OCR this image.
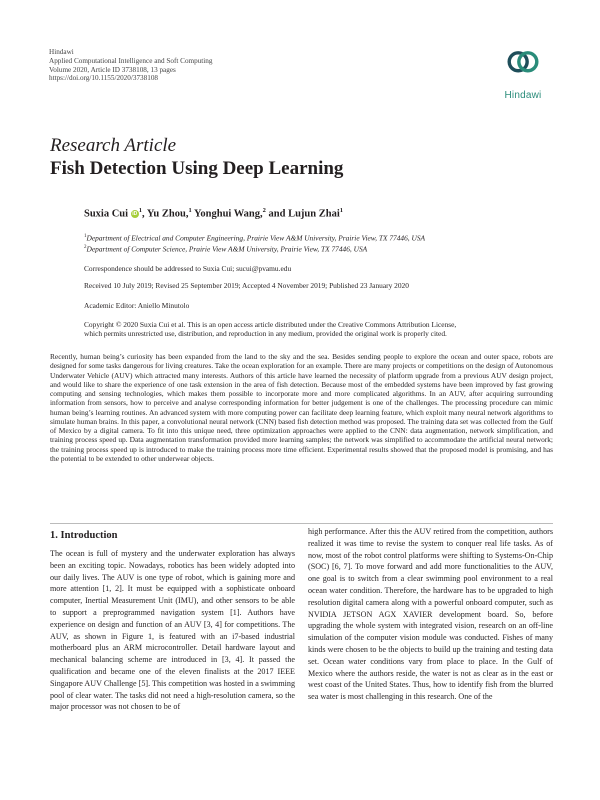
Hindawi
Applied Computational Intelligence and Soft Computing
Volume 2020, Article ID 3738108, 13 pages
https://doi.org/10.1155/2020/3738108
Hindawi
Research Article
Fish Detection Using Deep Learning
Suxia Cui $iD^1$, Yu Zhou,$^1$ Yonghui Wang,$^2$ and Lujun Zhai$^1$
$^1$Department of Electrical and Computer Engineering, Prairie View A&M University, Prairie View, TX 77446, USA
$^2$Department of Computer Science, Prairie View A&M University, Prairie View, TX 77446, USA
Correspondence should be addressed to Suxia Cui; sucui@pvamu.edu
Received 10 July 2019; Revised 25 September 2019; Accepted 4 November 2019; Published 23 January 2020
Academic Editor: Aniello Minutolo
Copyright © 2020 Suxia Cui et al. This is an open access article distributed under the Creative Commons Attribution License,
which permits unrestricted use, distribution, and reproduction in any medium, provided the original work is properly cited.
Recently, human being’s curiosity has been expanded from the land to the sky and the sea. Besides sending people to explore the ocean and outer space, robots are designed for some tasks dangerous for living creatures. Take the ocean exploration for an example. There are many projects or competitions on the design of Autonomous Underwater Vehicle (AUV) which attracted many interests. Authors of this article have learned the necessity of platform upgrade from a previous AUV design project, and would like to share the experience of one task extension in the area of fish detection. Because most of the embedded systems have been improved by fast growing computing and sensing technologies, which makes them possible to incorporate more and more complicated algorithms. In an AUV, after acquiring surrounding information from sensors, how to perceive and analyse corresponding information for better judgement is one of the challenges. The processing procedure can mimic human being’s learning routines. An advanced system with more computing power can facilitate deep learning feature, which exploit many neural network algorithms to simulate human brains. In this paper, a convolutional neural network (CNN) based fish detection method was proposed. The training data set was collected from the Gulf of Mexico by a digital camera. To fit into this unique need, three optimization approaches were applied to the CNN: data augmentation, network simplification, and training process speed up. Data augmentation transformation provided more learning samples; the network was simplified to accommodate the artificial neural network; the training process speed up is introduced to make the training process more time efficient. Experimental results showed that the proposed model is promising, and has the potential to be extended to other underwear objects.
1. Introduction
The ocean is full of mystery and the underwater exploration has always been an exciting topic. Nowadays, robotics has been widely adopted into our daily lives. The AUV is one type of robot, which is gaining more and more attention [1, 2]. It must be equipped with a sophisticate onboard computer, Inertial Measurement Unit (IMU), and other sensors to be able to support a preprogrammed navigation system [1]. Authors have experience on design and function of an AUV [3, 4] for competitions. The AUV, as shown in Figure 1, is featured with an i7-based industrial motherboard plus an ARM microcontroller. Detail hardware layout and mechanical balancing scheme are introduced in [3, 4]. It passed the qualification and became one of the eleven finalists at the 2017 IEEE Singapore AUV Challenge [5]. This competition was hosted in a swimming pool of clear water. The tasks did not need a high-resolution camera, so the major processor was not chosen to be of
high performance. After this the AUV retired from the competition, authors realized it was time to revise the system to conquer real life tasks. As of now, most of the robot control platforms were shifting to Systems-On-Chip (SOC) [6, 7]. To move forward and add more functionalities to the AUV, one goal is to switch from a clear swimming pool environment to a real ocean water condition. Therefore, the hardware has to be upgraded to high resolution digital camera along with a powerful onboard computer, such as NVIDIA JETSON AGX XAVIER development board. So, before upgrading the whole system with integrated vision, research on an off-line simulation of the computer vision module was conducted. Fishes of many kinds were chosen to be the objects to build up the training and testing data set. Ocean water conditions vary from place to place. In the Gulf of Mexico where the authors reside, the water is not as clear as in the east or west coast of the United States. Thus, how to identify fish from the blurred sea water is most challenging in this research. One of the
